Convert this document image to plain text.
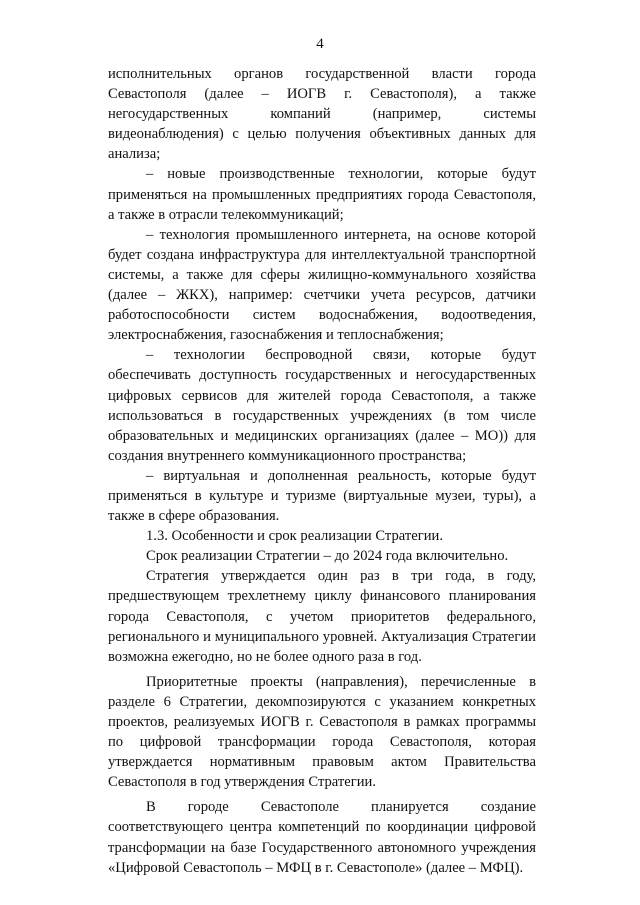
4

исполнительных органов государственной власти города Севастополя (далее – ИОГВ г. Севастополя), а также негосударственных компаний (например, системы видеонаблюдения) с целью получения объективных данных для анализа;

– новые производственные технологии, которые будут применяться на промышленных предприятиях города Севастополя, а также в отрасли телекоммуникаций;

– технология промышленного интернета, на основе которой будет создана инфраструктура для интеллектуальной транспортной системы, а также для сферы жилищно-коммунального хозяйства (далее – ЖКХ), например: счетчики учета ресурсов, датчики работоспособности систем водоснабжения, водоотведения, электроснабжения, газоснабжения и теплоснабжения;

– технологии беспроводной связи, которые будут обеспечивать доступность государственных и негосударственных цифровых сервисов для жителей города Севастополя, а также использоваться в государственных учреждениях (в том числе образовательных и медицинских организациях (далее – МО)) для создания внутреннего коммуникационного пространства;

– виртуальная и дополненная реальность, которые будут применяться в культуре и туризме (виртуальные музеи, туры), а также в сфере образования.

1.3. Особенности и срок реализации Стратегии.

Срок реализации Стратегии – до 2024 года включительно.

Стратегия утверждается один раз в три года, в году, предшествующем трехлетнему циклу финансового планирования города Севастополя, с учетом приоритетов федерального, регионального и муниципального уровней. Актуализация Стратегии возможна ежегодно, но не более одного раза в год.

Приоритетные проекты (направления), перечисленные в разделе 6 Стратегии, декомпозируются с указанием конкретных проектов, реализуемых ИОГВ г. Севастополя в рамках программы по цифровой трансформации города Севастополя, которая утверждается нормативным правовым актом Правительства Севастополя в год утверждения Стратегии.

В городе Севастополе планируется создание соответствующего центра компетенций по координации цифровой трансформации на базе Государственного автономного учреждения «Цифровой Севастополь – МФЦ в г. Севастополе» (далее – МФЦ).
